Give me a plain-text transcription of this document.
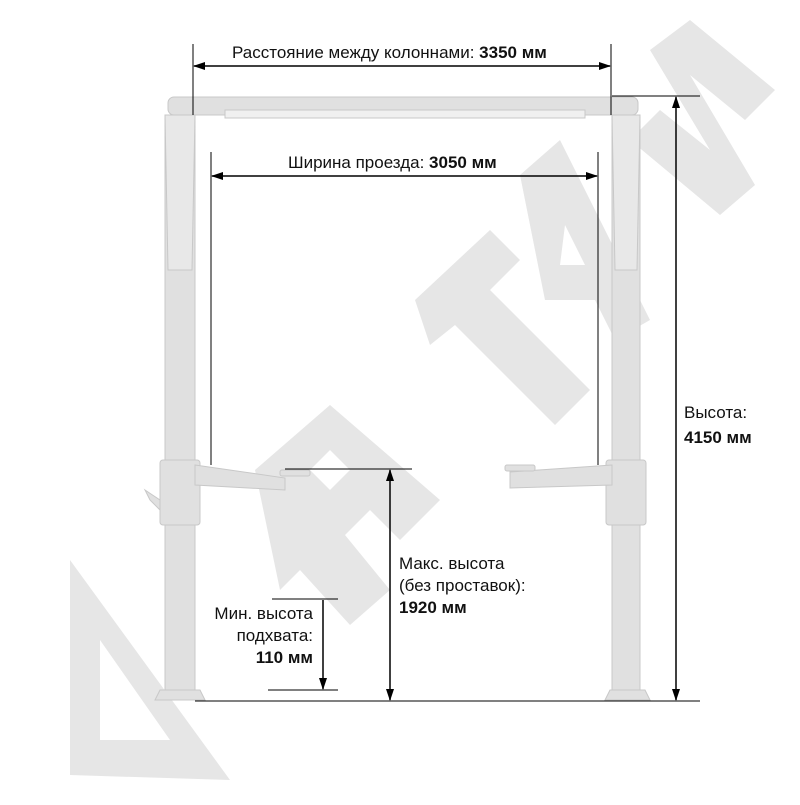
Расстояние между колоннами: 3350 мм
Ширина проезда: 3050 мм
Высота:
4150 мм
Макс. высота
(без проставок):
1920 мм
Мин. высота
подхвата:
110 мм
